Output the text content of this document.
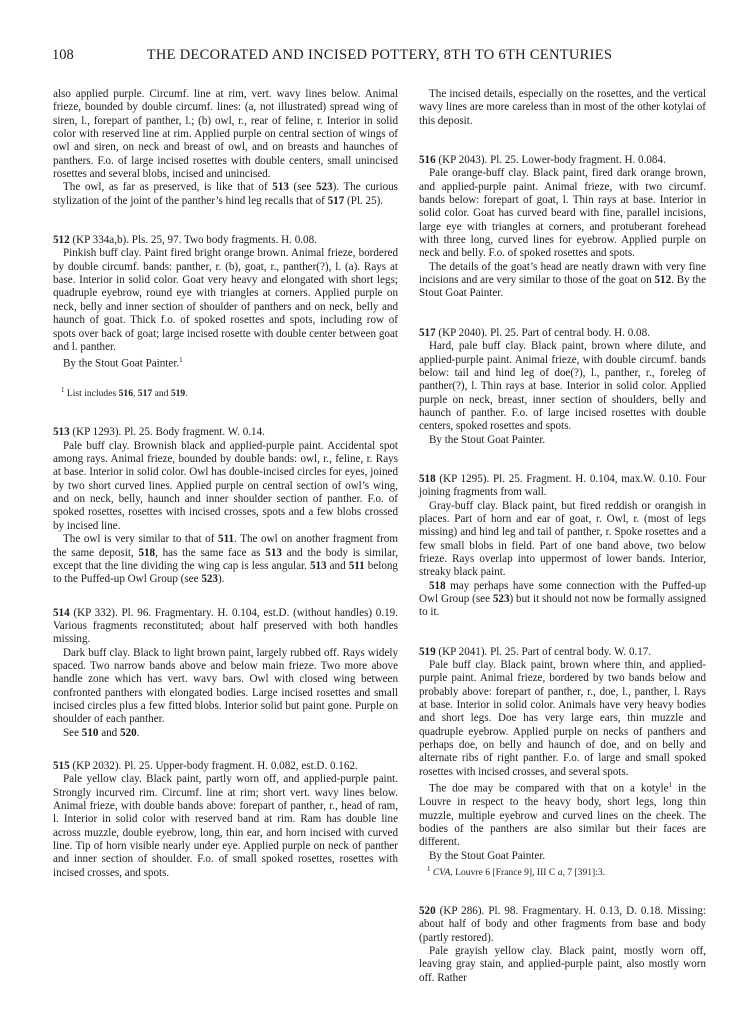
108	THE DECORATED AND INCISED POTTERY, 8TH TO 6TH CENTURIES

also applied purple. Circumf. line at rim, vert. wavy lines below. Animal frieze, bounded by double circumf. lines: (a, not illustrated) spread wing of siren, l., forepart of panther, l.; (b) owl, r., rear of feline, r. Interior in solid color with reserved line at rim. Applied purple on central section of wings of owl and siren, on neck and breast of owl, and on breasts and haunches of panthers. F.o. of large incised rosettes with double centers, small unincised rosettes and several blobs, incised and unincised.

The owl, as far as preserved, is like that of 513 (see 523). The curious stylization of the joint of the panther’s hind leg recalls that of 517 (Pl. 25).

512 (KP 334a,b). Pls. 25, 97. Two body fragments. H. 0.08.

Pinkish buff clay. Paint fired bright orange brown. Animal frieze, bordered by double circumf. bands: panther, r. (b), goat, r., panther(?), l. (a). Rays at base. Interior in solid color. Goat very heavy and elongated with short legs; quadruple eyebrow, round eye with triangles at corners. Applied purple on neck, belly and inner section of shoulder of panthers and on neck, belly and haunch of goat. Thick f.o. of spoked rosettes and spots, including row of spots over back of goat; large incised rosette with double center between goat and l. panther.

By the Stout Goat Painter.$^1$

$^1$ List includes 516, 517 and 519.

513 (KP 1293). Pl. 25. Body fragment. W. 0.14.

Pale buff clay. Brownish black and applied-purple paint. Accidental spot among rays. Animal frieze, bounded by double bands: owl, r., feline, r. Rays at base. Interior in solid color. Owl has double-incised circles for eyes, joined by two short curved lines. Applied purple on central section of owl’s wing, and on neck, belly, haunch and inner shoulder section of panther. F.o. of spoked rosettes, rosettes with incised crosses, spots and a few blobs crossed by incised line.

The owl is very similar to that of 511. The owl on another fragment from the same deposit, 518, has the same face as 513 and the body is similar, except that the line dividing the wing cap is less angular. 513 and 511 belong to the Puffed-up Owl Group (see 523).

514 (KP 332). Pl. 96. Fragmentary. H. 0.104, est.D. (without handles) 0.19. Various fragments reconstituted; about half preserved with both handles missing.

Dark buff clay. Black to light brown paint, largely rubbed off. Rays widely spaced. Two narrow bands above and below main frieze. Two more above handle zone which has vert. wavy bars. Owl with closed wing between confronted panthers with elongated bodies. Large incised rosettes and small incised circles plus a few fitted blobs. Interior solid but paint gone. Purple on shoulder of each panther.

See 510 and 520.

515 (KP 2032). Pl. 25. Upper-body fragment. H. 0.082, est.D. 0.162.

Pale yellow clay. Black paint, partly worn off, and applied-purple paint. Strongly incurved rim. Circumf. line at rim; short vert. wavy lines below. Animal frieze, with double bands above: forepart of panther, r., head of ram, l. Interior in solid color with reserved band at rim. Ram has double line across muzzle, double eyebrow, long, thin ear, and horn incised with curved line. Tip of horn visible nearly under eye. Applied purple on neck of panther and inner section of shoulder. F.o. of small spoked rosettes, rosettes with incised crosses, and spots.

The incised details, especially on the rosettes, and the vertical wavy lines are more careless than in most of the other kotylai of this deposit.

516 (KP 2043). Pl. 25. Lower-body fragment. H. 0.084.

Pale orange-buff clay. Black paint, fired dark orange brown, and applied-purple paint. Animal frieze, with two circumf. bands below: forepart of goat, l. Thin rays at base. Interior in solid color. Goat has curved beard with fine, parallel incisions, large eye with triangles at corners, and protuberant forehead with three long, curved lines for eyebrow. Applied purple on neck and belly. F.o. of spoked rosettes and spots.

The details of the goat’s head are neatly drawn with very fine incisions and are very similar to those of the goat on 512. By the Stout Goat Painter.

517 (KP 2040). Pl. 25. Part of central body. H. 0.08.

Hard, pale buff clay. Black paint, brown where dilute, and applied-purple paint. Animal frieze, with double circumf. bands below: tail and hind leg of doe(?), l., panther, r., foreleg of panther(?), l. Thin rays at base. Interior in solid color. Applied purple on neck, breast, inner section of shoulders, belly and haunch of panther. F.o. of large incised rosettes with double centers, spoked rosettes and spots.

By the Stout Goat Painter.

518 (KP 1295). Pl. 25. Fragment. H. 0.104, max.W. 0.10. Four joining fragments from wall.

Gray-buff clay. Black paint, but fired reddish or orangish in places. Part of horn and ear of goat, r. Owl, r. (most of legs missing) and hind leg and tail of panther, r. Spoke rosettes and a few small blobs in field. Part of one band above, two below frieze. Rays overlap into uppermost of lower bands. Interior, streaky black paint.

518 may perhaps have some connection with the Puffed-up Owl Group (see 523) but it should not now be formally assigned to it.

519 (KP 2041). Pl. 25. Part of central body. W. 0.17.

Pale buff clay. Black paint, brown where thin, and applied-purple paint. Animal frieze, bordered by two bands below and probably above: forepart of panther, r., doe, l., panther, l. Rays at base. Interior in solid color. Animals have very heavy bodies and short legs. Doe has very large ears, thin muzzle and quadruple eyebrow. Applied purple on necks of panthers and perhaps doe, on belly and haunch of doe, and on belly and alternate ribs of right panther. F.o. of large and small spoked rosettes with incised crosses, and several spots.

The doe may be compared with that on a kotyle$^1$ in the Louvre in respect to the heavy body, short legs, long thin muzzle, multiple eyebrow and curved lines on the cheek. The bodies of the panthers are also similar but their faces are different.

By the Stout Goat Painter.

$^1$ CVA, Louvre 6 [France 9], III C a, 7 [391]:3.

520 (KP 286). Pl. 98. Fragmentary. H. 0.13, D. 0.18. Missing: about half of body and other fragments from base and body (partly restored).

Pale grayish yellow clay. Black paint, mostly worn off, leaving gray stain, and applied-purple paint, also mostly worn off. Rather
